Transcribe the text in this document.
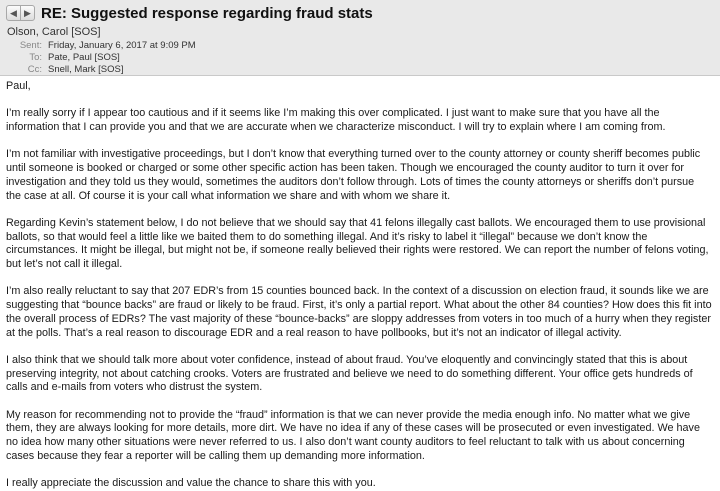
◀ ▶ RE: Suggested response regarding fraud stats
Olson, Carol [SOS]
Sent: Friday, January 6, 2017 at 9:09 PM
To: Pate, Paul [SOS]
Cc: Snell, Mark [SOS]

Paul,

I’m really sorry if I appear too cautious and if it seems like I’m making this over complicated. I just want to make sure that you have all the information that I can provide you and that we are accurate when we characterize misconduct. I will try to explain where I am coming from.

I’m not familiar with investigative proceedings, but I don’t know that everything turned over to the county attorney or county sheriff becomes public until someone is booked or charged or some other specific action has been taken. Though we encouraged the county auditor to turn it over for investigation and they told us they would, sometimes the auditors don’t follow through. Lots of times the county attorneys or sheriffs don’t pursue the case at all. Of course it is your call what information we share and with whom we share it.

Regarding Kevin’s statement below, I do not believe that we should say that 41 felons illegally cast ballots. We encouraged them to use provisional ballots, so that would feel a little like we baited them to do something illegal. And it’s risky to label it “illegal” because we don’t know the circumstances. It might be illegal, but might not be, if someone really believed their rights were restored. We can report the number of felons voting, but let’s not call it illegal.

I’m also really reluctant to say that 207 EDR’s from 15 counties bounced back. In the context of a discussion on election fraud, it sounds like we are suggesting that “bounce backs” are fraud or likely to be fraud. First, it’s only a partial report. What about the other 84 counties? How does this fit into the overall process of EDRs? The vast majority of these “bounce-backs” are sloppy addresses from voters in too much of a hurry when they register at the polls. That’s a real reason to discourage EDR and a real reason to have pollbooks, but it’s not an indicator of illegal activity.

I also think that we should talk more about voter confidence, instead of about fraud. You’ve eloquently and convincingly stated that this is about preserving integrity, not about catching crooks. Voters are frustrated and believe we need to do something different. Your office gets hundreds of calls and e-mails from voters who distrust the system.

My reason for recommending not to provide the “fraud” information is that we can never provide the media enough info. No matter what we give them, they are always looking for more details, more dirt. We have no idea if any of these cases will be prosecuted or even investigated. We have no idea how many other situations were never referred to us. I also don’t want county auditors to feel reluctant to talk with us about concerning cases because they fear a reporter will be calling them up demanding more information.

I really appreciate the discussion and value the chance to share this with you.
